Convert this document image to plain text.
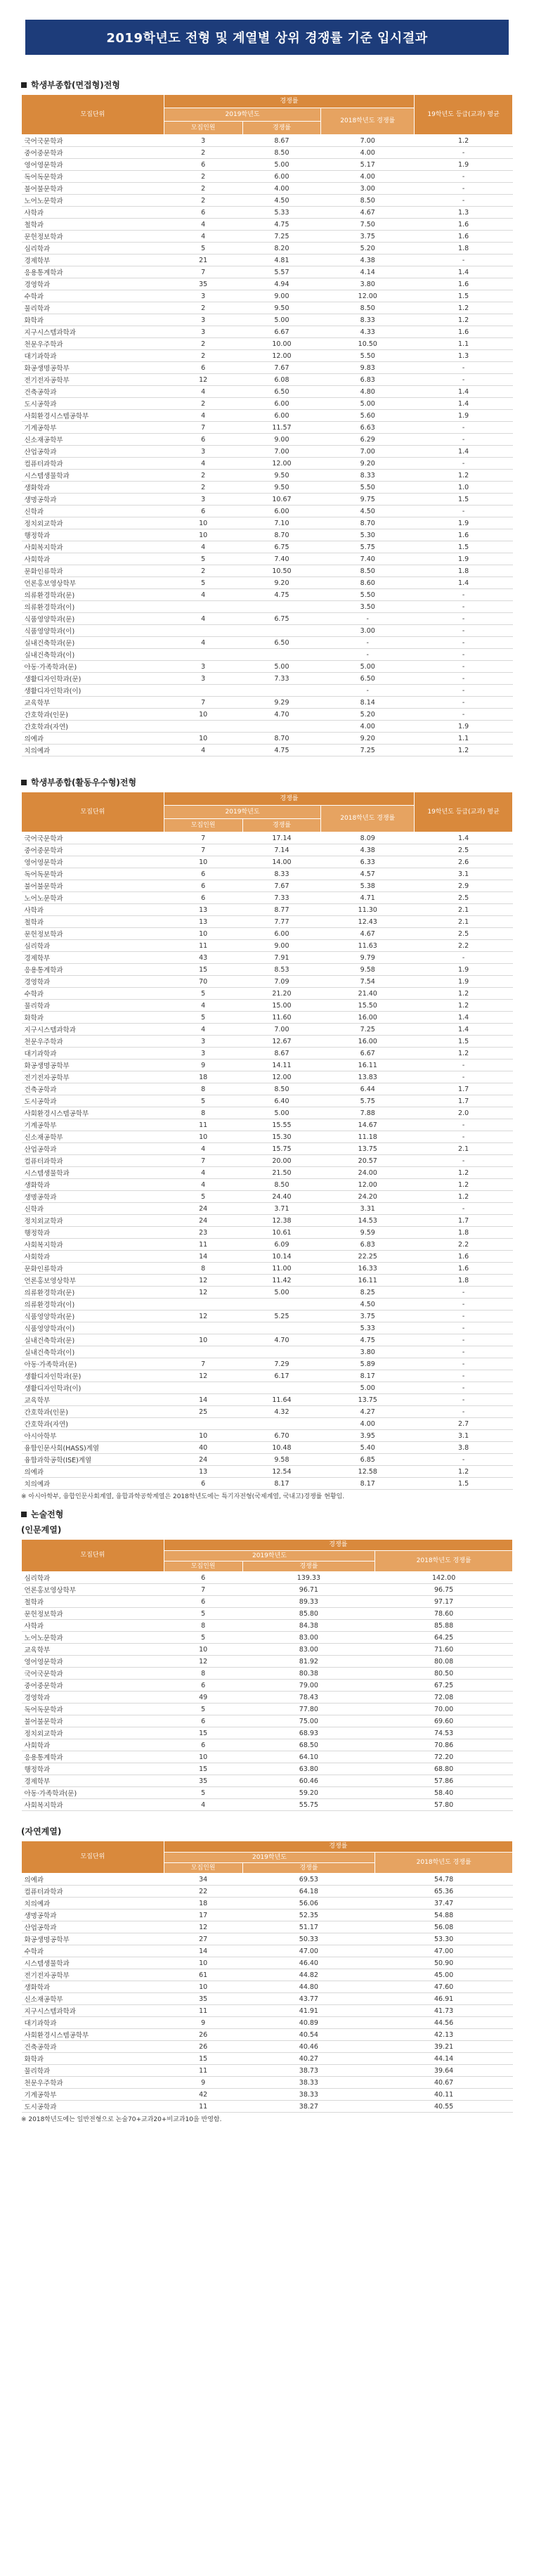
2019학년도 전형 및 계열별 상위 경쟁률 기준 입시결과
학생부종합(면접형)전형
모집단위	경쟁률			19학년도 등급(교과) 평균
	2019학년도		2018학년도 경쟁률	
	모집인원	경쟁률		
국어국문학과	3	8.67	7.00	1.2
중어중문학과	2	8.50	4.00	-
영어영문학과	6	5.00	5.17	1.9
독어독문학과	2	6.00	4.00	-
불어불문학과	2	4.00	3.00	-
노어노문학과	2	4.50	8.50	-
사학과	6	5.33	4.67	1.3
철학과	4	4.75	7.50	1.6
문헌정보학과	4	7.25	3.75	1.6
심리학과	5	8.20	5.20	1.8
경제학부	21	4.81	4.38	-
응용통계학과	7	5.57	4.14	1.4
경영학과	35	4.94	3.80	1.6
수학과	3	9.00	12.00	1.5
물리학과	2	9.50	8.50	1.2
화학과	3	5.00	8.33	1.2
지구시스템과학과	3	6.67	4.33	1.6
천문우주학과	2	10.00	10.50	1.1
대기과학과	2	12.00	5.50	1.3
화공생명공학부	6	7.67	9.83	-
전기전자공학부	12	6.08	6.83	-
건축공학과	4	6.50	4.80	1.4
도시공학과	2	6.00	5.00	1.4
사회환경시스템공학부	4	6.00	5.60	1.9
기계공학부	7	11.57	6.63	-
신소재공학부	6	9.00	6.29	-
산업공학과	3	7.00	7.00	1.4
컴퓨터과학과	4	12.00	9.20	-
시스템생물학과	2	9.50	8.33	1.2
생화학과	2	9.50	5.50	1.0
생명공학과	3	10.67	9.75	1.5
신학과	6	6.00	4.50	-
정치외교학과	10	7.10	8.70	1.9
행정학과	10	8.70	5.30	1.6
사회복지학과	4	6.75	5.75	1.5
사회학과	5	7.40	7.40	1.9
문화인류학과	2	10.50	8.50	1.8
언론홍보영상학부	5	9.20	8.60	1.4
의류환경학과(문)	4	4.75	5.50	-
의류환경학과(이)			3.50	-
식품영양학과(문)	4	6.75	-	-
식품영양학과(이)			3.00	-
실내건축학과(문)	4	6.50	-	-
실내건축학과(이)			-	-
아동·가족학과(문)	3	5.00	5.00	-
생활디자인학과(문)	3	7.33	6.50	-
생활디자인학과(이)			-	-
교육학부	7	9.29	8.14	-
간호학과(인문)	10	4.70	5.20	-
간호학과(자연)			4.00	1.9
의예과	10	8.70	9.20	1.1
치의예과	4	4.75	7.25	1.2
학생부종합(활동우수형)전형
모집단위	경쟁률			19학년도 등급(교과) 평균
	2019학년도		2018학년도 경쟁률	
	모집인원	경쟁률		
국어국문학과	7	17.14	8.09	1.4
중어중문학과	7	7.14	4.38	2.5
영어영문학과	10	14.00	6.33	2.6
독어독문학과	6	8.33	4.57	3.1
불어불문학과	6	7.67	5.38	2.9
노어노문학과	6	7.33	4.71	2.5
사학과	13	8.77	11.30	2.1
철학과	13	7.77	12.43	2.1
문헌정보학과	10	6.00	4.67	2.5
심리학과	11	9.00	11.63	2.2
경제학부	43	7.91	9.79	-
응용통계학과	15	8.53	9.58	1.9
경영학과	70	7.09	7.54	1.9
수학과	5	21.20	21.40	1.2
물리학과	4	15.00	15.50	1.2
화학과	5	11.60	16.00	1.4
지구시스템과학과	4	7.00	7.25	1.4
천문우주학과	3	12.67	16.00	1.5
대기과학과	3	8.67	6.67	1.2
화공생명공학부	9	14.11	16.11	-
전기전자공학부	18	12.00	13.83	-
건축공학과	8	8.50	6.44	1.7
도시공학과	5	6.40	5.75	1.7
사회환경시스템공학부	8	5.00	7.88	2.0
기계공학부	11	15.55	14.67	-
신소재공학부	10	15.30	11.18	-
산업공학과	4	15.75	13.75	2.1
컴퓨터과학과	7	20.00	20.57	-
시스템생물학과	4	21.50	24.00	1.2
생화학과	4	8.50	12.00	1.2
생명공학과	5	24.40	24.20	1.2
신학과	24	3.71	3.31	-
정치외교학과	24	12.38	14.53	1.7
행정학과	23	10.61	9.59	1.8
사회복지학과	11	6.09	6.83	2.2
사회학과	14	10.14	22.25	1.6
문화인류학과	8	11.00	16.33	1.6
언론홍보영상학부	12	11.42	16.11	1.8
의류환경학과(문)	12	5.00	8.25	-
의류환경학과(이)			4.50	-
식품영양학과(문)	12	5.25	3.75	-
식품영양학과(이)			5.33	-
실내건축학과(문)	10	4.70	4.75	-
실내건축학과(이)			3.80	-
아동·가족학과(문)	7	7.29	5.89	-
생활디자인학과(문)	12	6.17	8.17	-
생활디자인학과(이)			5.00	-
교육학부	14	11.64	13.75	-
간호학과(인문)	25	4.32	4.27	-
간호학과(자연)			4.00	2.7
아시아학부	10	6.70	3.95	3.1
융합인문사회(HASS)계열	40	10.48	5.40	3.8
융합과학공학(ISE)계열	24	9.58	6.85	-
의예과	13	12.54	12.58	1.2
치의예과	6	8.17	8.17	1.5
※ 아시아학부, 융합인문사회계열, 융합과학공학계열은 2018학년도에는 특기자전형(국제계열, 국내고)경쟁률 현황임.
논술전형
(인문계열)
모집단위	경쟁률		
	2019학년도		2018학년도 경쟁률
	모집인원	경쟁률	
심리학과	6	139.33	142.00
언론홍보영상학부	7	96.71	96.75
철학과	6	89.33	97.17
문헌정보학과	5	85.80	78.60
사학과	8	84.38	85.88
노어노문학과	5	83.00	64.25
교육학부	10	83.00	71.60
영어영문학과	12	81.92	80.08
국어국문학과	8	80.38	80.50
중어중문학과	6	79.00	67.25
경영학과	49	78.43	72.08
독어독문학과	5	77.80	70.00
불어불문학과	6	75.00	69.60
정치외교학과	15	68.93	74.53
사회학과	6	68.50	70.86
응용통계학과	10	64.10	72.20
행정학과	15	63.80	68.80
경제학부	35	60.46	57.86
아동·가족학과(문)	5	59.20	58.40
사회복지학과	4	55.75	57.80
(자연계열)
모집단위	경쟁률		
	2019학년도		2018학년도 경쟁률
	모집인원	경쟁률	
의예과	34	69.53	54.78
컴퓨터과학과	22	64.18	65.36
치의예과	18	56.06	37.47
생명공학과	17	52.35	54.88
산업공학과	12	51.17	56.08
화공생명공학부	27	50.33	53.30
수학과	14	47.00	47.00
시스템생물학과	10	46.40	50.90
전기전자공학부	61	44.82	45.00
생화학과	10	44.80	47.60
신소재공학부	35	43.77	46.91
지구시스템과학과	11	41.91	41.73
대기과학과	9	40.89	44.56
사회환경시스템공학부	26	40.54	42.13
건축공학과	26	40.46	39.21
화학과	15	40.27	44.14
물리학과	11	38.73	39.64
천문우주학과	9	38.33	40.67
기계공학부	42	38.33	40.11
도시공학과	11	38.27	40.55
※ 2018학년도에는 일반전형으로 논술70+교과20+비교과10을 반영함.
